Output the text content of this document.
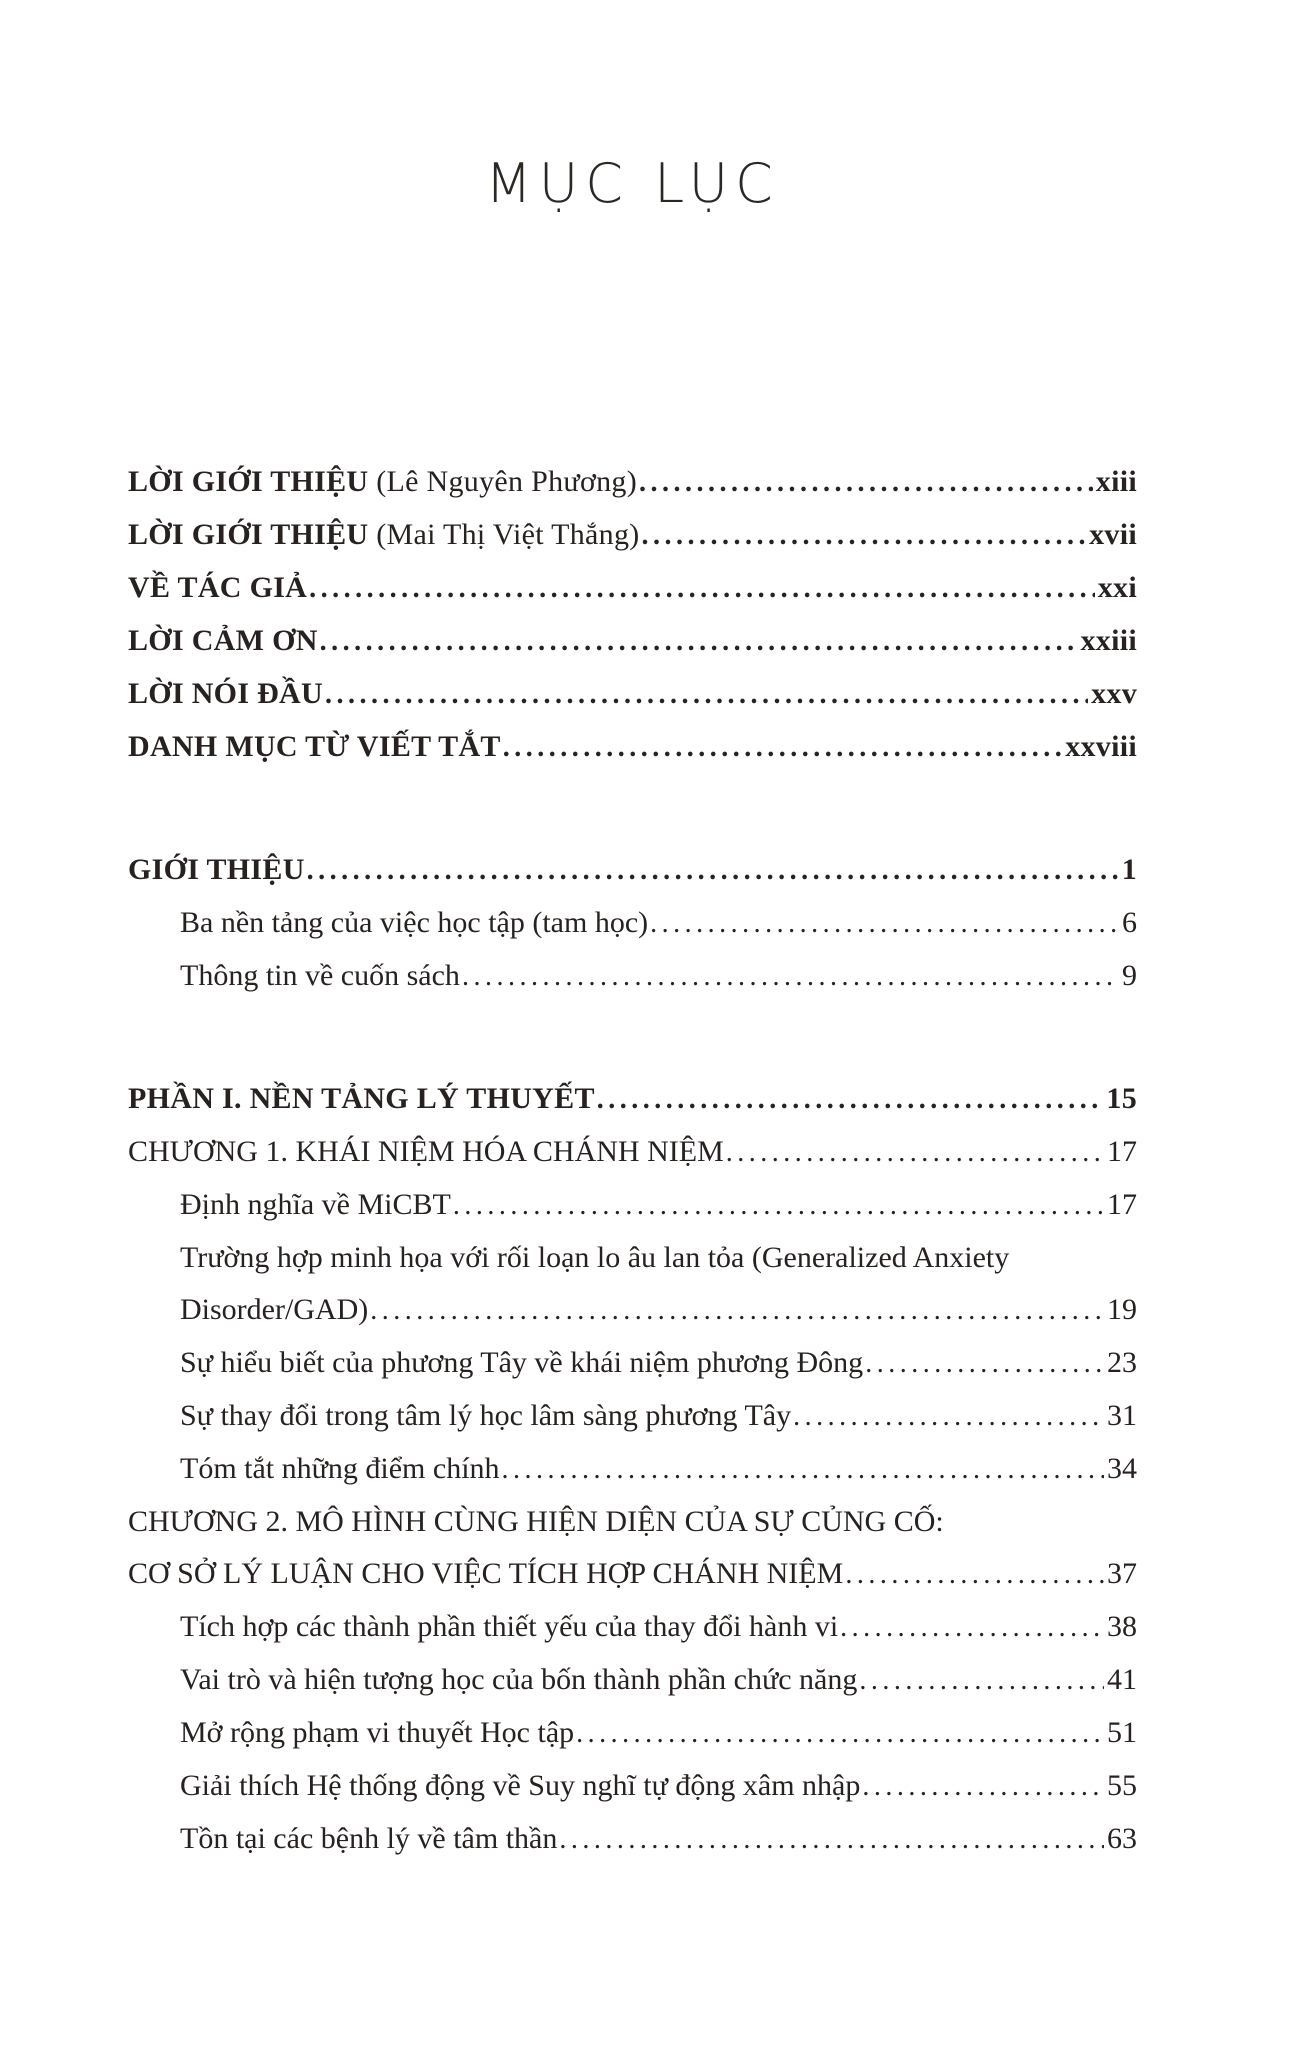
MỤC LỤC
LỜI GIỚI THIỆU (Lê Nguyên Phương) .....	xiii
LỜI GIỚI THIỆU (Mai Thị Việt Thắng) .....	xvii
VỀ TÁC GIẢ .....	xxi
LỜI CẢM ƠN .....	xxiii
LỜI NÓI ĐẦU .....	xxv
DANH MỤC TỪ VIẾT TẮT .....	xxviii
GIỚI THIỆU .....	1
Ba nền tảng của việc học tập (tam học) .....	6
Thông tin về cuốn sách .....	9
PHẦN I. NỀN TẢNG LÝ THUYẾT .....	15
CHƯƠNG 1. KHÁI NIỆM HÓA CHÁNH NIỆM .....	17
Định nghĩa về MiCBT .....	17
Trường hợp minh họa với rối loạn lo âu lan tỏa (Generalized Anxiety
Disorder/GAD) .....	19
Sự hiểu biết của phương Tây về khái niệm phương Đông .....	23
Sự thay đổi trong tâm lý học lâm sàng phương Tây .....	31
Tóm tắt những điểm chính .....	34
CHƯƠNG 2. MÔ HÌNH CÙNG HIỆN DIỆN CỦA SỰ CỦNG CỐ:
CƠ SỞ LÝ LUẬN CHO VIỆC TÍCH HỢP CHÁNH NIỆM .....	37
Tích hợp các thành phần thiết yếu của thay đổi hành vi .....	38
Vai trò và hiện tượng học của bốn thành phần chức năng .....	41
Mở rộng phạm vi thuyết Học tập .....	51
Giải thích Hệ thống động về Suy nghĩ tự động xâm nhập .....	55
Tồn tại các bệnh lý về tâm thần .....	63
